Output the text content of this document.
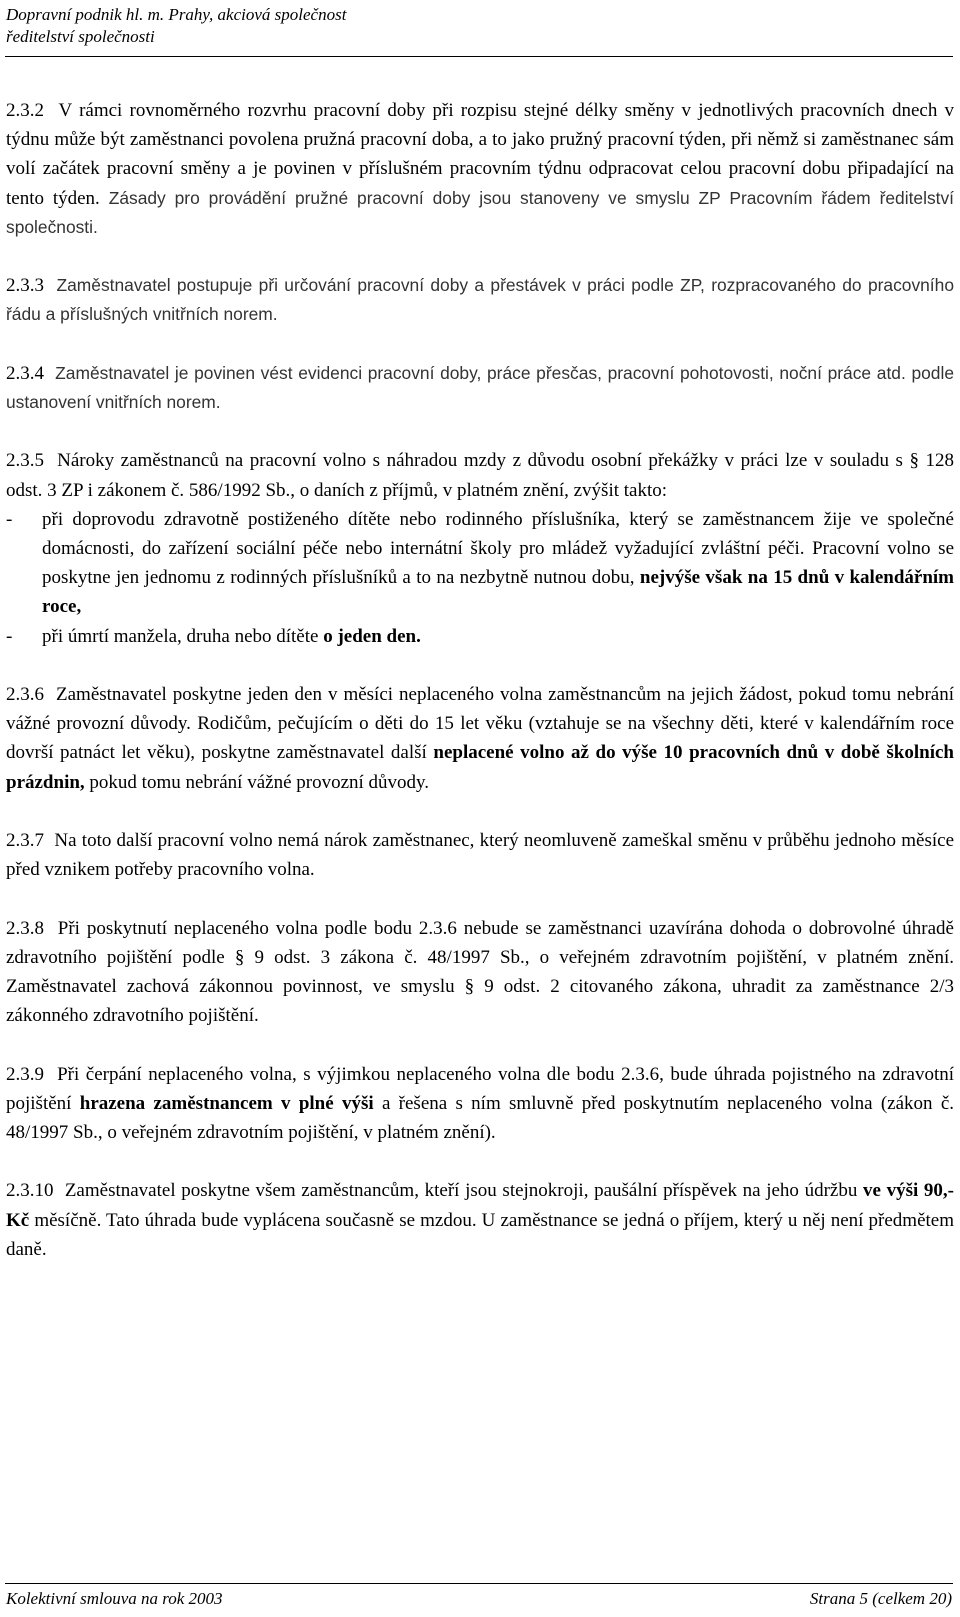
Dopravní podnik hl. m. Prahy, akciová společnost
ředitelství společnosti

2.3.2 V rámci rovnoměrného rozvrhu pracovní doby při rozpisu stejné délky směny v jednotlivých pracovních dnech v týdnu může být zaměstnanci povolena pružná pracovní doba, a to jako pružný pracovní týden, při němž si zaměstnanec sám volí začátek pracovní směny a je povinen v příslušném pracovním týdnu odpracovat celou pracovní dobu připadající na tento týden. Zásady pro provádění pružné pracovní doby jsou stanoveny ve smyslu ZP Pracovním řádem ředitelství společnosti.

2.3.3 Zaměstnavatel postupuje při určování pracovní doby a přestávek v práci podle ZP, rozpracovaného do pracovního řádu a příslušných vnitřních norem.

2.3.4 Zaměstnavatel je povinen vést evidenci pracovní doby, práce přesčas, pracovní pohotovosti, noční práce atd. podle ustanovení vnitřních norem.

2.3.5 Nároky zaměstnanců na pracovní volno s náhradou mzdy z důvodu osobní překážky v práci lze v souladu s § 128 odst. 3 ZP i zákonem č. 586/1992 Sb., o daních z příjmů, v platném znění, zvýšit takto:
- při doprovodu zdravotně postiženého dítěte nebo rodinného příslušníka, který se zaměstnancem žije ve společné domácnosti, do zařízení sociální péče nebo internátní školy pro mládež vyžadující zvláštní péči. Pracovní volno se poskytne jen jednomu z rodinných příslušníků a to na nezbytně nutnou dobu, nejvýše však na 15 dnů v kalendářním roce,
- při úmrtí manžela, druha nebo dítěte o jeden den.

2.3.6 Zaměstnavatel poskytne jeden den v měsíci neplaceného volna zaměstnancům na jejich žádost, pokud tomu nebrání vážné provozní důvody. Rodičům, pečujícím o děti do 15 let věku (vztahuje se na všechny děti, které v kalendářním roce dovrší patnáct let věku), poskytne zaměstnavatel další neplacené volno až do výše 10 pracovních dnů v době školních prázdnin, pokud tomu nebrání vážné provozní důvody.

2.3.7 Na toto další pracovní volno nemá nárok zaměstnanec, který neomluveně zameškal směnu v průběhu jednoho měsíce před vznikem potřeby pracovního volna.

2.3.8 Při poskytnutí neplaceného volna podle bodu 2.3.6 nebude se zaměstnanci uzavírána dohoda o dobrovolné úhradě zdravotního pojištění podle § 9 odst. 3 zákona č. 48/1997 Sb., o veřejném zdravotním pojištění, v platném znění. Zaměstnavatel zachová zákonnou povinnost, ve smyslu § 9 odst. 2 citovaného zákona, uhradit za zaměstnance 2/3 zákonného zdravotního pojištění.

2.3.9 Při čerpání neplaceného volna, s výjimkou neplaceného volna dle bodu 2.3.6, bude úhrada pojistného na zdravotní pojištění hrazena zaměstnancem v plné výši a řešena s ním smluvně před poskytnutím neplaceného volna (zákon č. 48/1997 Sb., o veřejném zdravotním pojištění, v platném znění).

2.3.10 Zaměstnavatel poskytne všem zaměstnancům, kteří jsou stejnokroji, paušální příspěvek na jeho údržbu ve výši 90,- Kč měsíčně. Tato úhrada bude vyplácena současně se mzdou. U zaměstnance se jedná o příjem, který u něj není předmětem daně.

Kolektivní smlouva na rok 2003	Strana 5 (celkem 20)
